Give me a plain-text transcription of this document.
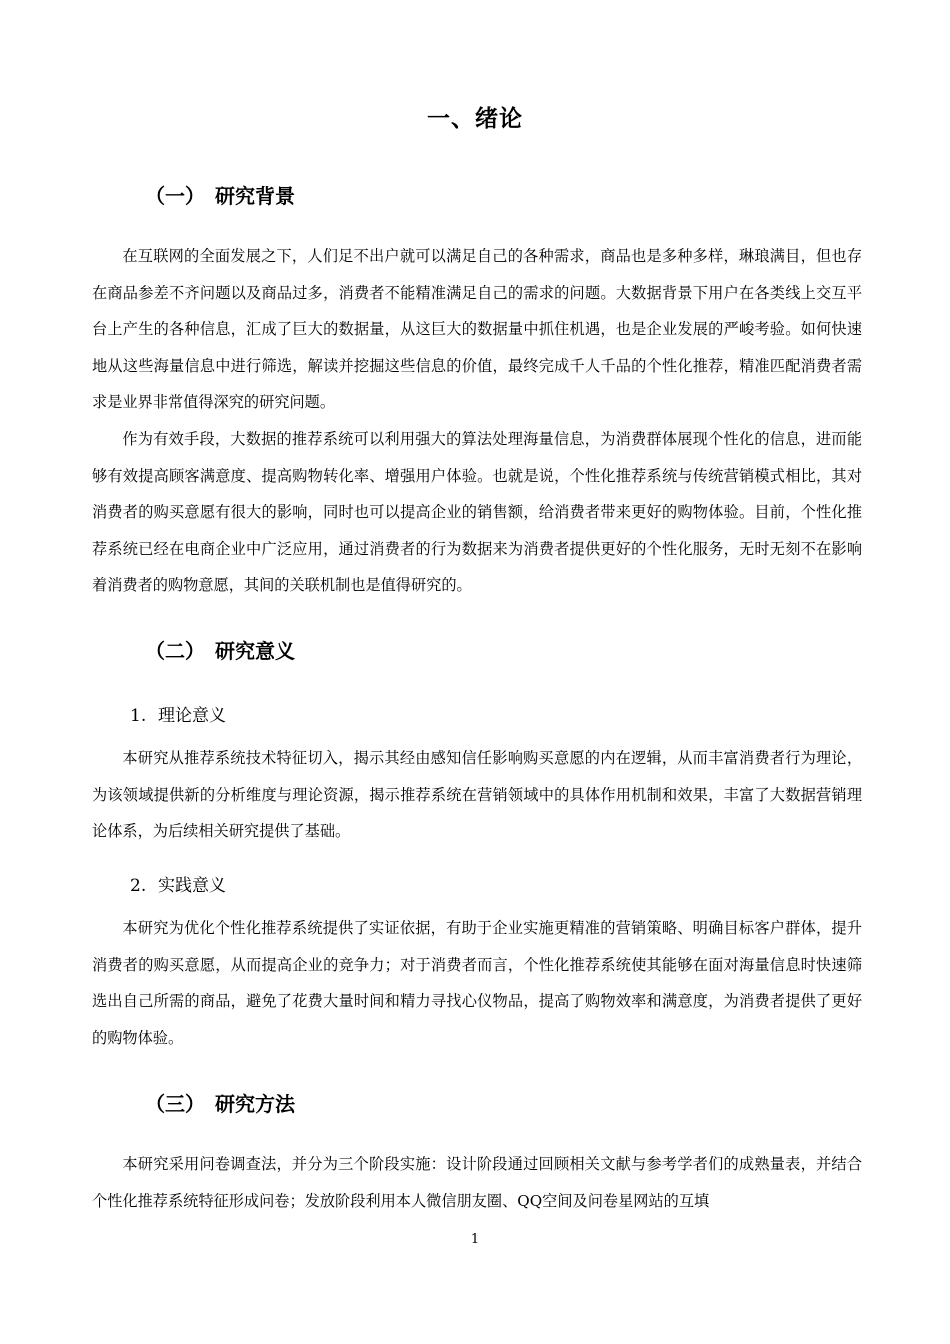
一、绪论
（一） 研究背景

在互联网的全面发展之下，人们足不出户就可以满足自己的各种需求，商品也是多种多样，琳琅满目，但也存在商品参差不齐问题以及商品过多，消费者不能精准满足自己的需求的问题。大数据背景下用户在各类线上交互平台上产生的各种信息，汇成了巨大的数据量，从这巨大的数据量中抓住机遇，也是企业发展的严峻考验。如何快速地从这些海量信息中进行筛选，解读并挖掘这些信息的价值，最终完成千人千品的个性化推荐，精准匹配消费者需求是业界非常值得深究的研究问题。

作为有效手段，大数据的推荐系统可以利用强大的算法处理海量信息，为消费群体展现个性化的信息，进而能够有效提高顾客满意度、提高购物转化率、增强用户体验。也就是说，个性化推荐系统与传统营销模式相比，其对消费者的购买意愿有很大的影响，同时也可以提高企业的销售额，给消费者带来更好的购物体验。目前，个性化推荐系统已经在电商企业中广泛应用，通过消费者的行为数据来为消费者提供更好的个性化服务，无时无刻不在影响着消费者的购物意愿，其间的关联机制也是值得研究的。

（二） 研究意义
1. 理论意义

本研究从推荐系统技术特征切入，揭示其经由感知信任影响购买意愿的内在逻辑，从而丰富消费者行为理论，为该领域提供新的分析维度与理论资源，揭示推荐系统在营销领域中的具体作用机制和效果，丰富了大数据营销理论体系，为后续相关研究提供了基础。

2. 实践意义

本研究为优化个性化推荐系统提供了实证依据，有助于企业实施更精准的营销策略、明确目标客户群体，提升消费者的购买意愿，从而提高企业的竞争力；对于消费者而言，个性化推荐系统使其能够在面对海量信息时快速筛选出自己所需的商品，避免了花费大量时间和精力寻找心仪物品，提高了购物效率和满意度，为消费者提供了更好的购物体验。

（三） 研究方法

本研究采用问卷调查法，并分为三个阶段实施：设计阶段通过回顾相关文献与参考学者们的成熟量表，并结合个性化推荐系统特征形成问卷；发放阶段利用本人微信朋友圈、QQ空间及问卷星网站的互填

1
